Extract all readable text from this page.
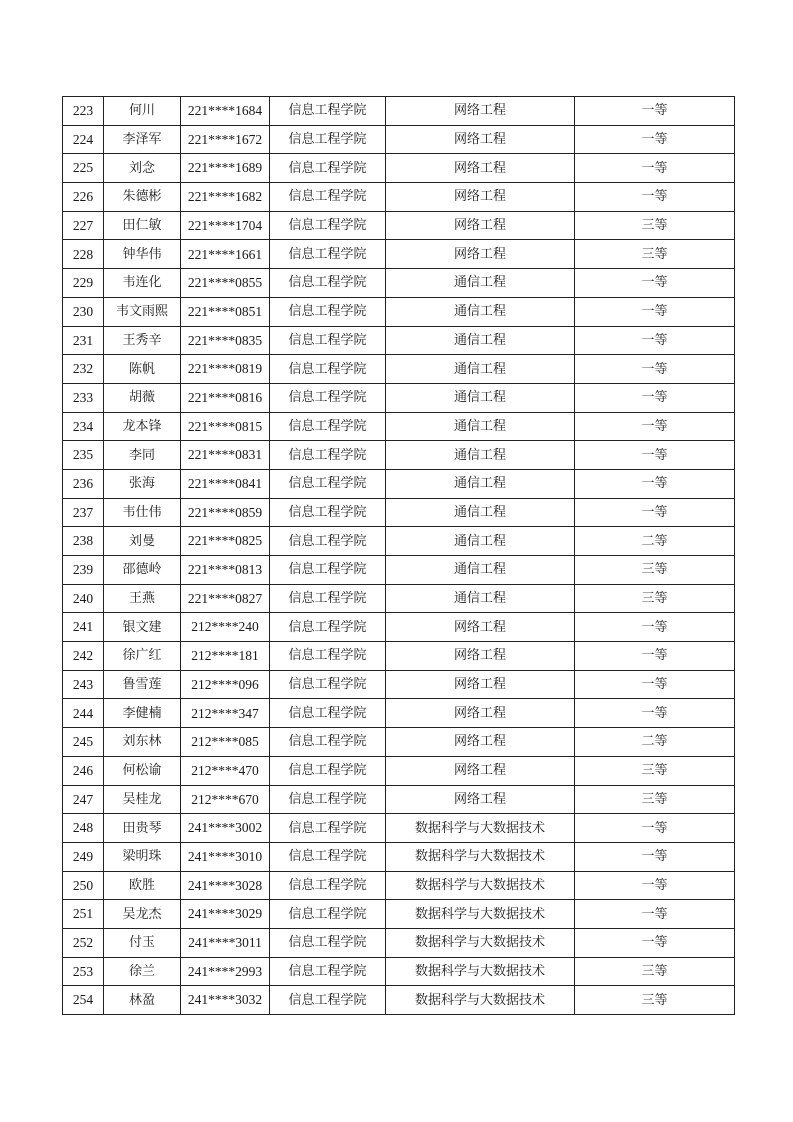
223	何川	221****1684	信息工程学院	网络工程	一等
224	李泽军	221****1672	信息工程学院	网络工程	一等
225	刘念	221****1689	信息工程学院	网络工程	一等
226	朱德彬	221****1682	信息工程学院	网络工程	一等
227	田仁敏	221****1704	信息工程学院	网络工程	三等
228	钟华伟	221****1661	信息工程学院	网络工程	三等
229	韦连化	221****0855	信息工程学院	通信工程	一等
230	韦文雨熙	221****0851	信息工程学院	通信工程	一等
231	王秀辛	221****0835	信息工程学院	通信工程	一等
232	陈帆	221****0819	信息工程学院	通信工程	一等
233	胡薇	221****0816	信息工程学院	通信工程	一等
234	龙本锋	221****0815	信息工程学院	通信工程	一等
235	李同	221****0831	信息工程学院	通信工程	一等
236	张海	221****0841	信息工程学院	通信工程	一等
237	韦仕伟	221****0859	信息工程学院	通信工程	一等
238	刘曼	221****0825	信息工程学院	通信工程	二等
239	邵德岭	221****0813	信息工程学院	通信工程	三等
240	王燕	221****0827	信息工程学院	通信工程	三等
241	银文建	212****240	信息工程学院	网络工程	一等
242	徐广红	212****181	信息工程学院	网络工程	一等
243	鲁雪莲	212****096	信息工程学院	网络工程	一等
244	李健楠	212****347	信息工程学院	网络工程	一等
245	刘东林	212****085	信息工程学院	网络工程	二等
246	何松谕	212****470	信息工程学院	网络工程	三等
247	吴桂龙	212****670	信息工程学院	网络工程	三等
248	田贵琴	241****3002	信息工程学院	数据科学与大数据技术	一等
249	梁明珠	241****3010	信息工程学院	数据科学与大数据技术	一等
250	欧胜	241****3028	信息工程学院	数据科学与大数据技术	一等
251	吴龙杰	241****3029	信息工程学院	数据科学与大数据技术	一等
252	付玉	241****3011	信息工程学院	数据科学与大数据技术	一等
253	徐兰	241****2993	信息工程学院	数据科学与大数据技术	三等
254	林盈	241****3032	信息工程学院	数据科学与大数据技术	三等
